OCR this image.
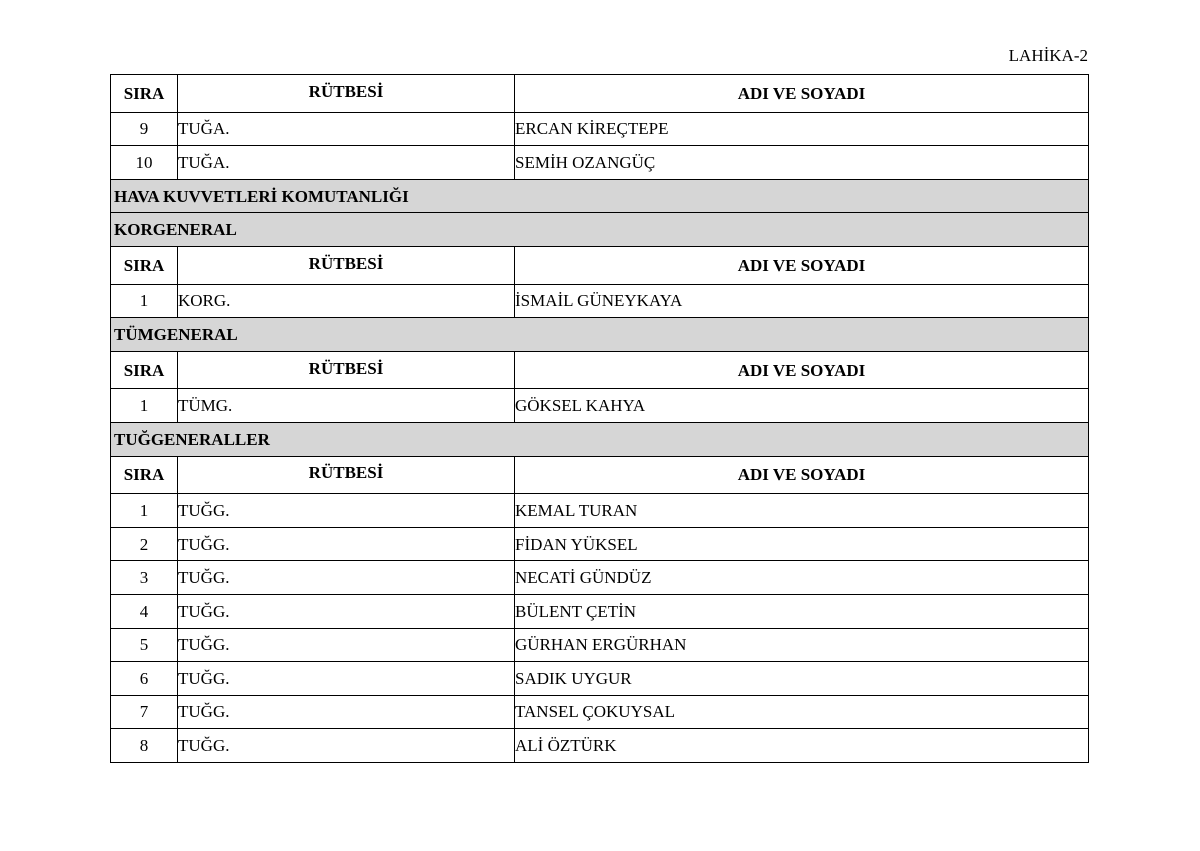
LAHİKA-2
SIRA	RÜTBESİ	ADI VE SOYADI
9	TUĞA.	ERCAN KİREÇTEPE
10	TUĞA.	SEMİH OZANGÜÇ
HAVA KUVVETLERİ KOMUTANLIĞI		
KORGENERAL		
SIRA	RÜTBESİ	ADI VE SOYADI
1	KORG.	İSMAİL GÜNEYKAYA
TÜMGENERAL		
SIRA	RÜTBESİ	ADI VE SOYADI
1	TÜMG.	GÖKSEL KAHYA
TUĞGENERALLER		
SIRA	RÜTBESİ	ADI VE SOYADI
1	TUĞG.	KEMAL TURAN
2	TUĞG.	FİDAN YÜKSEL
3	TUĞG.	NECATİ GÜNDÜZ
4	TUĞG.	BÜLENT ÇETİN
5	TUĞG.	GÜRHAN ERGÜRHAN
6	TUĞG.	SADIK UYGUR
7	TUĞG.	TANSEL ÇOKUYSAL
8	TUĞG.	ALİ ÖZTÜRK
